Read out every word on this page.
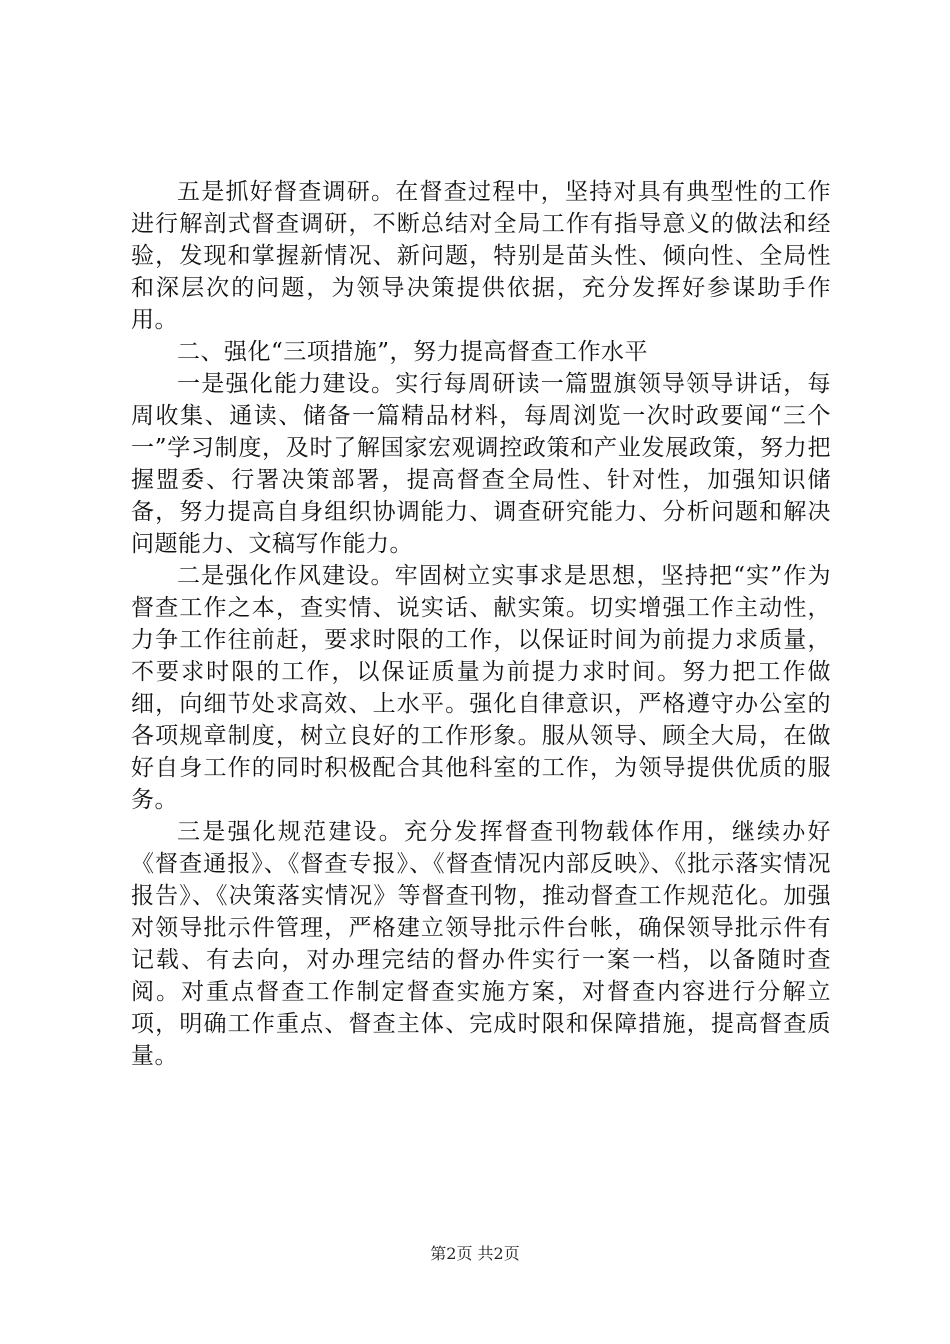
五是抓好督查调研。在督查过程中，坚持对具有典型性的工作进行解剖式督查调研，不断总结对全局工作有指导意义的做法和经验，发现和掌握新情况、新问题，特别是苗头性、倾向性、全局性和深层次的问题，为领导决策提供依据，充分发挥好参谋助手作用。

二、强化“三项措施”，努力提高督查工作水平

一是强化能力建设。实行每周研读一篇盟旗领导领导讲话，每周收集、通读、储备一篇精品材料，每周浏览一次时政要闻“三个一”学习制度，及时了解国家宏观调控政策和产业发展政策，努力把握盟委、行署决策部署，提高督查全局性、针对性，加强知识储备，努力提高自身组织协调能力、调查研究能力、分析问题和解决问题能力、文稿写作能力。

二是强化作风建设。牢固树立实事求是思想，坚持把“实”作为督查工作之本，查实情、说实话、献实策。切实增强工作主动性，力争工作往前赶，要求时限的工作，以保证时间为前提力求质量，不要求时限的工作，以保证质量为前提力求时间。努力把工作做细，向细节处求高效、上水平。强化自律意识，严格遵守办公室的各项规章制度，树立良好的工作形象。服从领导、顾全大局，在做好自身工作的同时积极配合其他科室的工作，为领导提供优质的服务。

三是强化规范建设。充分发挥督查刊物载体作用，继续办好《督查通报》、《督查专报》、《督查情况内部反映》、《批示落实情况报告》、《决策落实情况》等督查刊物，推动督查工作规范化。加强对领导批示件管理，严格建立领导批示件台帐，确保领导批示件有记载、有去向，对办理完结的督办件实行一案一档，以备随时查阅。对重点督查工作制定督查实施方案，对督查内容进行分解立项，明确工作重点、督查主体、完成时限和保障措施，提高督查质量。

第2页 共2页
